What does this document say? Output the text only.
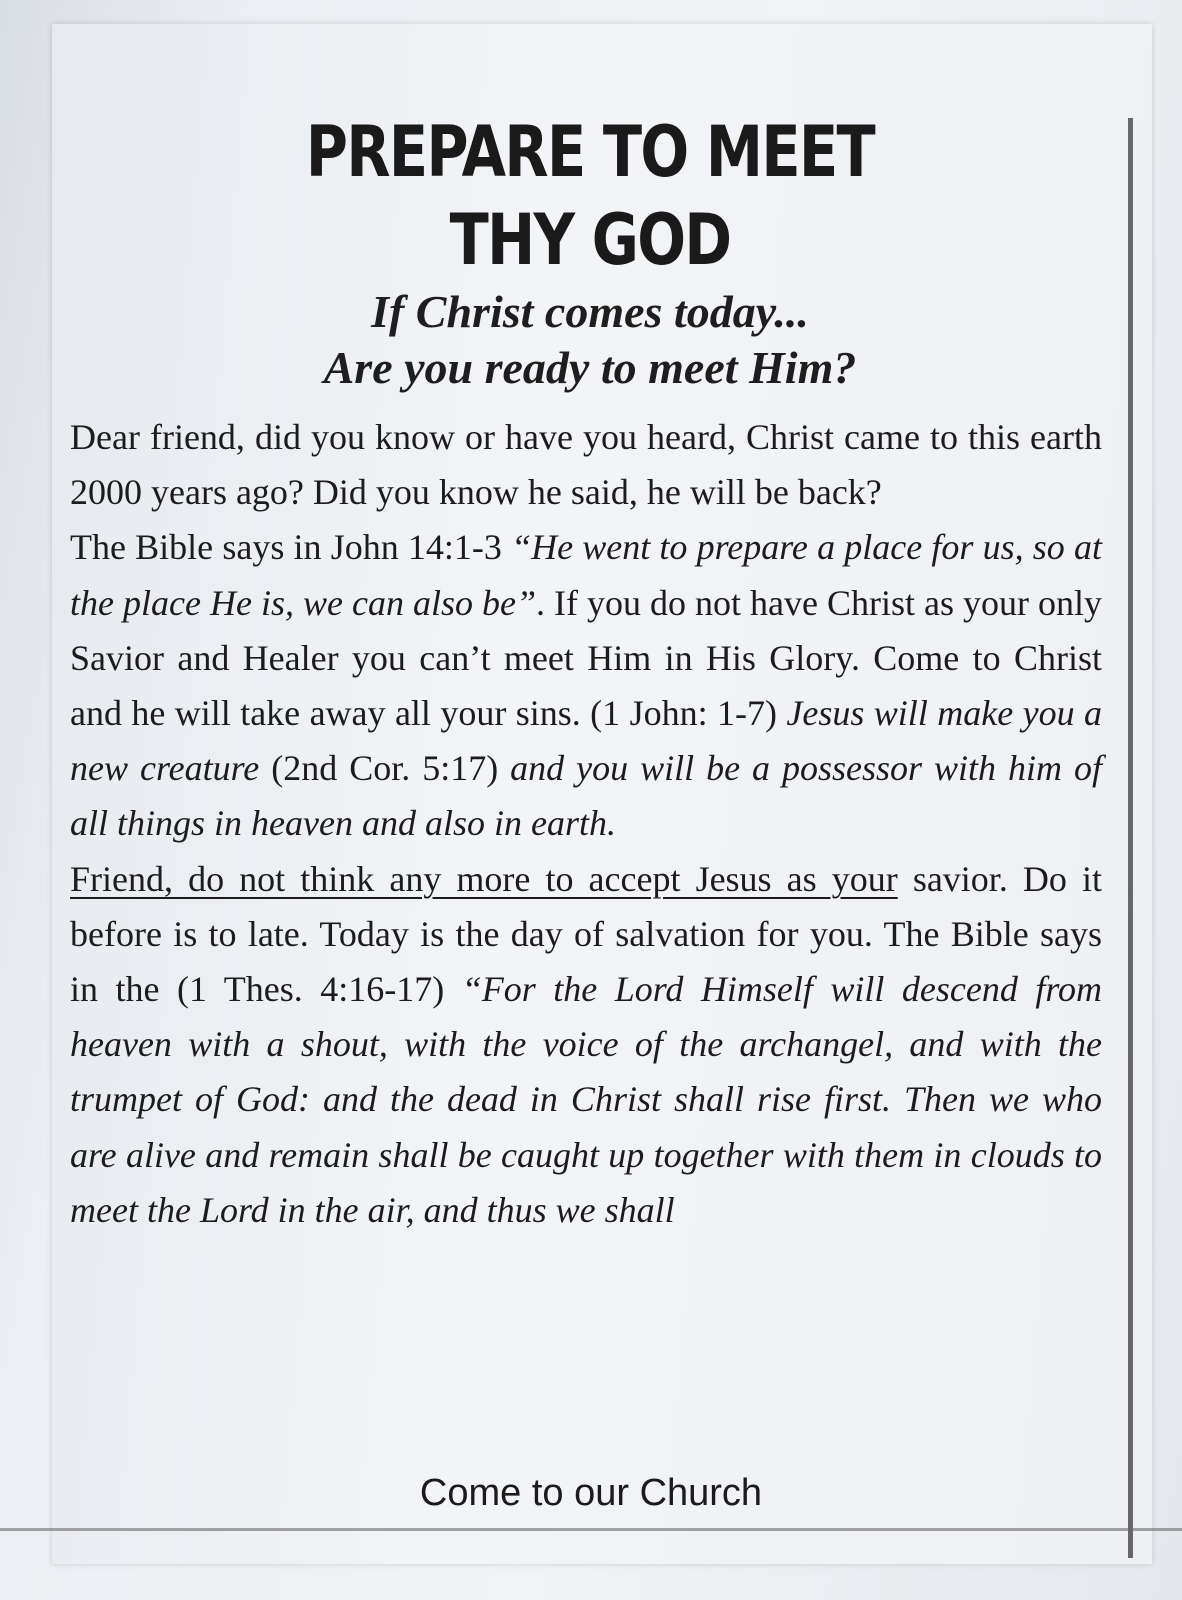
PREPARE TO MEET
THY GOD
If Christ comes today...
Are you ready to meet Him?

Dear friend, did you know or have you heard, Christ came to this earth 2000 years ago? Did you know he said, he will be back?

The Bible says in John 14:1-3 “He went to prepare a place for us, so at the place He is, we can also be”. If you do not have Christ as your only Savior and Healer you can’t meet Him in His Glory. Come to Christ and he will take away all your sins. (1 John: 1-7) Jesus will make you a new creature (2nd Cor. 5:17) and you will be a possessor with him of all things in heaven and also in earth.

Friend, do not think any more to accept Jesus as your savior. Do it before is to late. Today is the day of salvation for you. The Bible says in the (1 Thes. 4:16-17) “For the Lord Himself will descend from heaven with a shout, with the voice of the archangel, and with the trumpet of God: and the dead in Christ shall rise first. Then we who are alive and remain shall be caught up together with them in clouds to meet the Lord in the air, and thus we shall

Come to our Church
